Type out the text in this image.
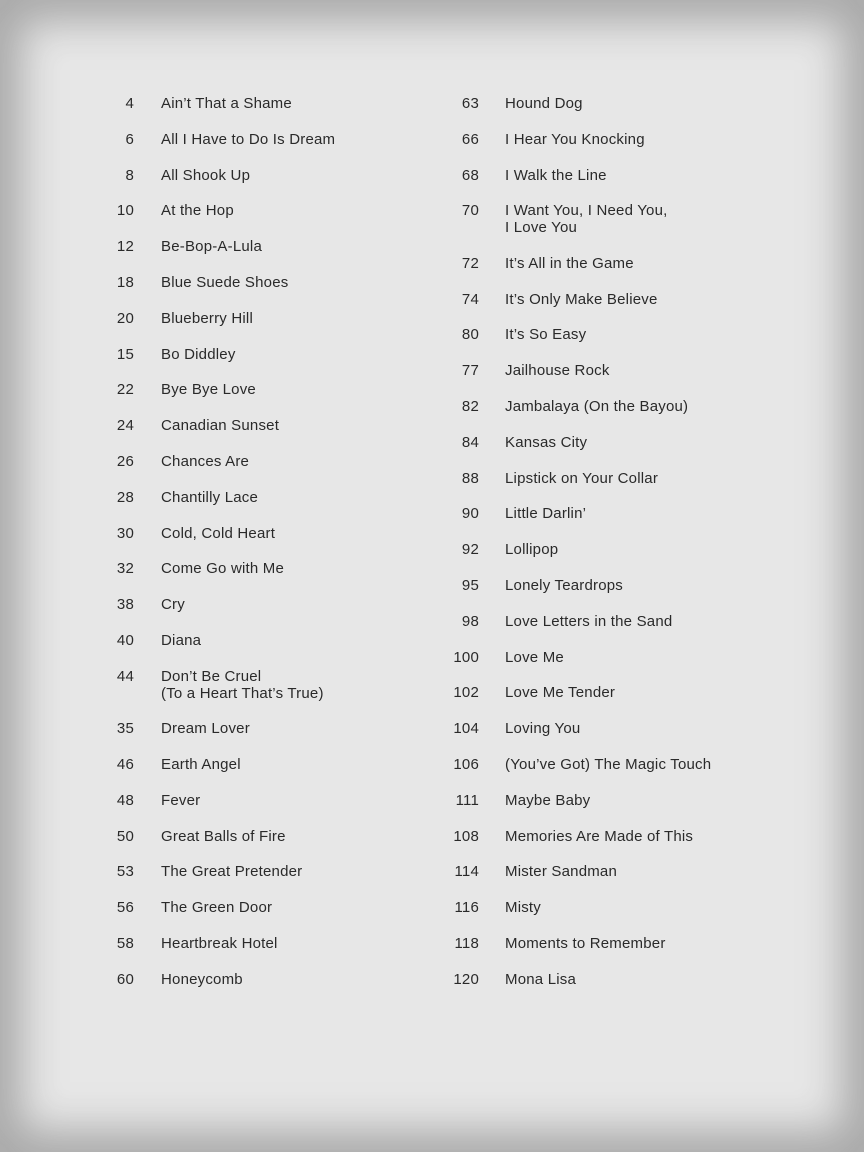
4 Ain’t That a Shame
6 All I Have to Do Is Dream
8 All Shook Up
10 At the Hop
12 Be-Bop-A-Lula
18 Blue Suede Shoes
20 Blueberry Hill
15 Bo Diddley
22 Bye Bye Love
24 Canadian Sunset
26 Chances Are
28 Chantilly Lace
30 Cold, Cold Heart
32 Come Go with Me
38 Cry
40 Diana
44 Don’t Be Cruel
(To a Heart That’s True)
35 Dream Lover
46 Earth Angel
48 Fever
50 Great Balls of Fire
53 The Great Pretender
56 The Green Door
58 Heartbreak Hotel
60 Honeycomb
63 Hound Dog
66 I Hear You Knocking
68 I Walk the Line
70 I Want You, I Need You,
I Love You
72 It’s All in the Game
74 It’s Only Make Believe
80 It’s So Easy
77 Jailhouse Rock
82 Jambalaya (On the Bayou)
84 Kansas City
88 Lipstick on Your Collar
90 Little Darlin’
92 Lollipop
95 Lonely Teardrops
98 Love Letters in the Sand
100 Love Me
102 Love Me Tender
104 Loving You
106 (You’ve Got) The Magic Touch
111 Maybe Baby
108 Memories Are Made of This
114 Mister Sandman
116 Misty
118 Moments to Remember
120 Mona Lisa
